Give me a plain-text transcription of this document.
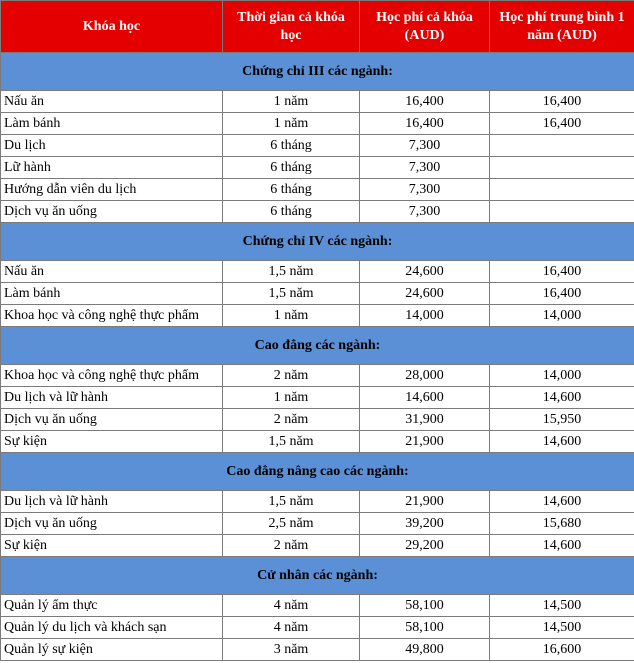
Khóa học	Thời gian cả khóa học	Học phí cả khóa (AUD)	Học phí trung bình 1 năm (AUD)
Chứng chỉ III các ngành:			
Nấu ăn	1 năm	16,400	16,400
Làm bánh	1 năm	16,400	16,400
Du lịch	6 tháng	7,300	
Lữ hành	6 tháng	7,300	
Hướng dẫn viên du lịch	6 tháng	7,300	
Dịch vụ ăn uống	6 tháng	7,300	
Chứng chỉ IV các ngành:			
Nấu ăn	1,5 năm	24,600	16,400
Làm bánh	1,5 năm	24,600	16,400
Khoa học và công nghệ thực phẩm	1 năm	14,000	14,000
Cao đẳng các ngành:			
Khoa học và công nghệ thực phẩm	2 năm	28,000	14,000
Du lịch và lữ hành	1 năm	14,600	14,600
Dịch vụ ăn uống	2 năm	31,900	15,950
Sự kiện	1,5 năm	21,900	14,600
Cao đẳng nâng cao các ngành:			
Du lịch và lữ hành	1,5 năm	21,900	14,600
Dịch vụ ăn uống	2,5 năm	39,200	15,680
Sự kiện	2 năm	29,200	14,600
Cử nhân các ngành:			
Quản lý ẩm thực	4 năm	58,100	14,500
Quản lý du lịch và khách sạn	4 năm	58,100	14,500
Quản lý sự kiện	3 năm	49,800	16,600
